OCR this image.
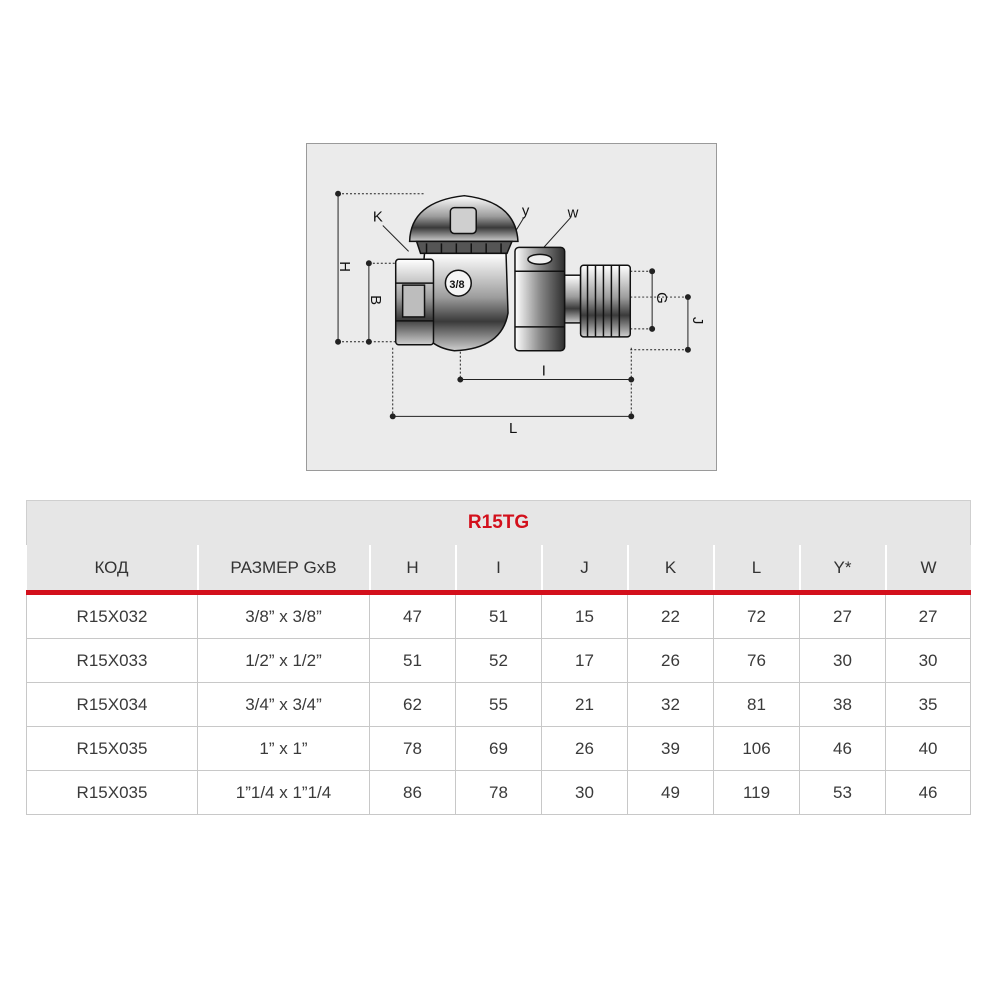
H
B
K	y	w
G
J
I
L
3/8
R15TG								
КОД	РАЗМЕР GxB	H	I	J	K	L	Y*	W
R15X032	3/8” x 3/8”	47	51	15	22	72	27	27
R15X033	1/2” x 1/2”	51	52	17	26	76	30	30
R15X034	3/4” x 3/4”	62	55	21	32	81	38	35
R15X035	1” x 1”	78	69	26	39	106	46	40
R15X035	1”1/4 x 1”1/4	86	78	30	49	119	53	46
